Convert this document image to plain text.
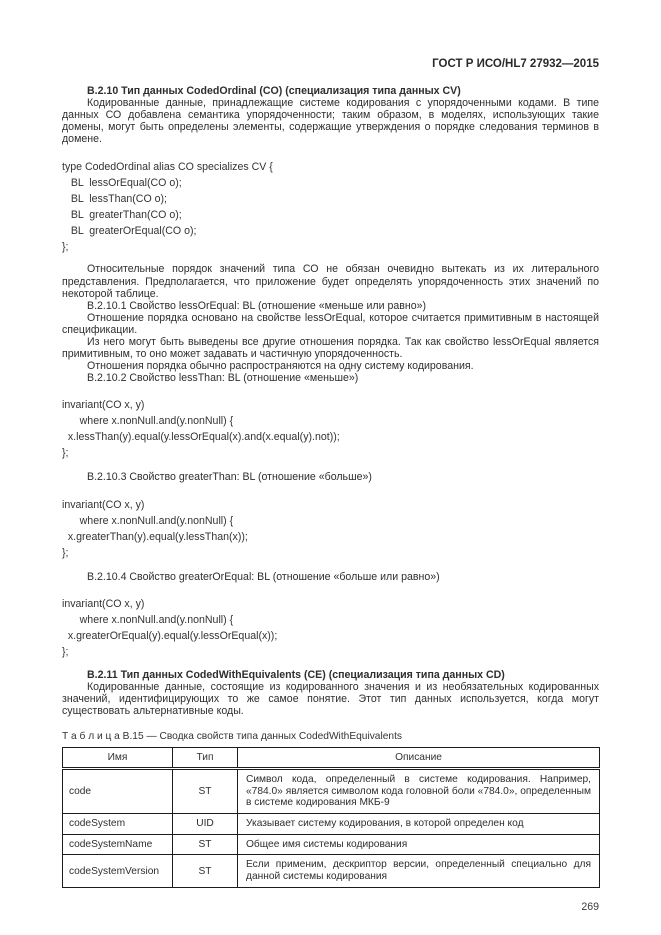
ГОСТ Р ИСО/HL7 27932—2015

В.2.10 Тип данных CodedOrdinal (CO) (специализация типа данных CV)

Кодированные данные, принадлежащие системе кодирования с упорядоченными кодами. В типе данных СО добавлена семантика упорядоченности; таким образом, в моделях, использующих такие домены, могут быть определены элементы, содержащие утверждения о порядке следования терминов в домене.

type CodedOrdinal alias CO specializes CV {
BL  lessOrEqual(CO o);
BL  lessThan(CO o);
BL  greaterThan(CO o);
BL  greaterOrEqual(CO o);
};

Относительные порядок значений типа СО не обязан очевидно вытекать из их литерального представления. Предполагается, что приложение будет определять упорядоченность этих значений по некоторой таблице.

В.2.10.1 Свойство lessOrEqual: BL (отношение «меньше или равно»)

Отношение порядка основано на свойстве lessOrEqual, которое считается примитивным в настоящей спецификации.

Из него могут быть выведены все другие отношения порядка. Так как свойство lessOrEqual является примитивным, то оно может задавать и частичную упорядоченность.

Отношения порядка обычно распространяются на одну систему кодирования.

В.2.10.2 Свойство lessThan: BL (отношение «меньше»)

invariant(CO x, y)
where x.nonNull.and(y.nonNull) {
x.lessThan(y).equal(y.lessOrEqual(x).and(x.equal(y).not));
};

В.2.10.3 Свойство greaterThan: BL (отношение «больше»)

invariant(CO x, y)
where x.nonNull.and(y.nonNull) {
x.greaterThan(y).equal(y.lessThan(x));
};

В.2.10.4 Свойство greaterOrEqual: BL (отношение «больше или равно»)

invariant(CO x, y)
where x.nonNull.and(y.nonNull) {
x.greaterOrEqual(y).equal(y.lessOrEqual(x));
};

В.2.11 Тип данных CodedWithEquivalents (CE) (специализация типа данных CD)

Кодированные данные, состоящие из кодированного значения и из необязательных кодированных значений, идентифицирующих то же самое понятие. Этот тип данных используется, когда могут существовать альтернативные коды.

Т а б л и ц а В.15 — Сводка свойств типа данных CodedWithEquivalents
Имя	Тип	Описание
code	ST	Символ кода, определенный в системе кодирования. Например, «784.0» является символом кода головной боли «784.0», определенным в системе кодирования МКБ-9
codeSystem	UID	Указывает систему кодирования, в которой определен код
codeSystemName	ST	Общее имя системы кодирования
codeSystemVersion	ST	Если применим, дескриптор версии, определенный специально для данной системы кодирования
269
